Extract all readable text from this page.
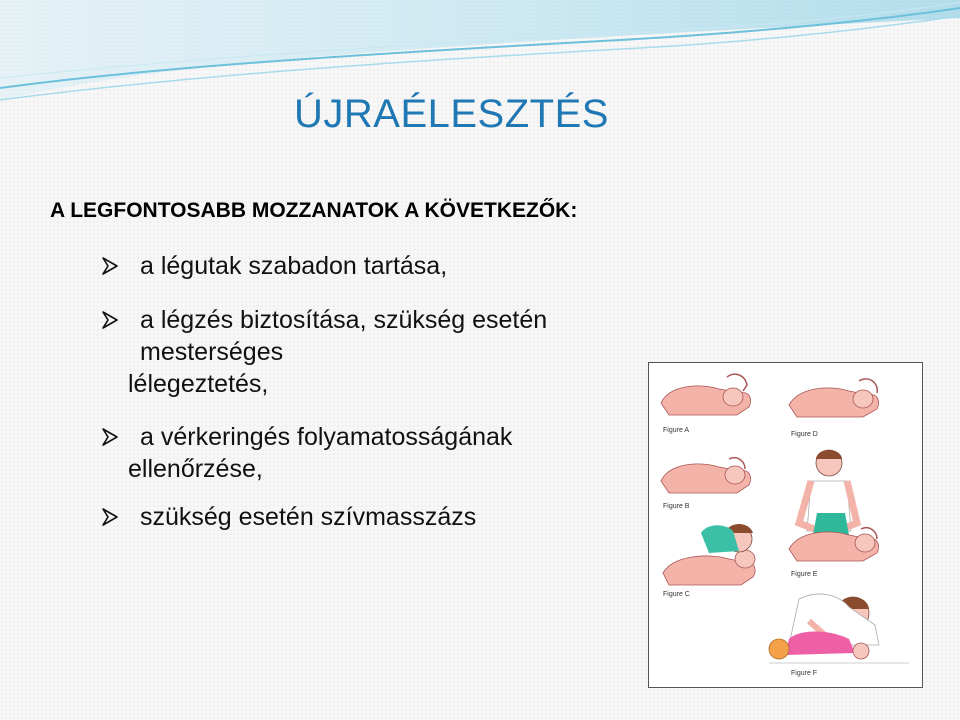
ÚJRAÉLESZTÉS
A LEGFONTOSABB MOZZANATOK A KÖVETKEZŐK:
a légutak szabadon tartása,
a légzés biztosítása, szükség esetén mesterséges
lélegeztetés,
a vérkeringés folyamatosságának
ellenőrzése,
szükség esetén szívmasszázs
Figure A
Figure B
Figure C
Figure D
Figure E
Figure F
